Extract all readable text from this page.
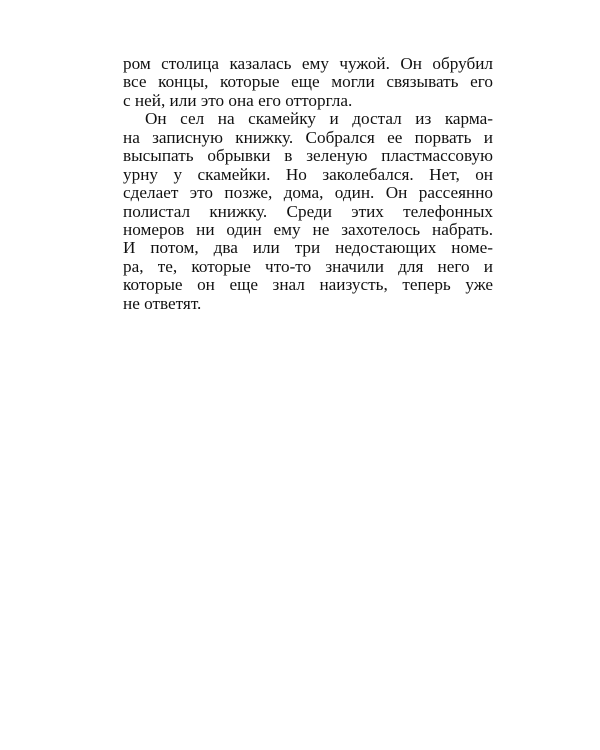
ром столица казалась ему чужой. Он обрубил
все концы, которые еще могли связывать его
с ней, или это она его отторгла.
Он сел на скамейку и достал из карма-
на записную книжку. Собрался ее порвать и
высыпать обрывки в зеленую пластмассовую
урну у скамейки. Но заколебался. Нет, он
сделает это позже, дома, один. Он рассеянно
полистал книжку. Среди этих телефонных
номеров ни один ему не захотелось набрать.
И потом, два или три недостающих номе-
ра, те, которые что-то значили для него и
которые он еще знал наизусть, теперь уже
не ответят.
